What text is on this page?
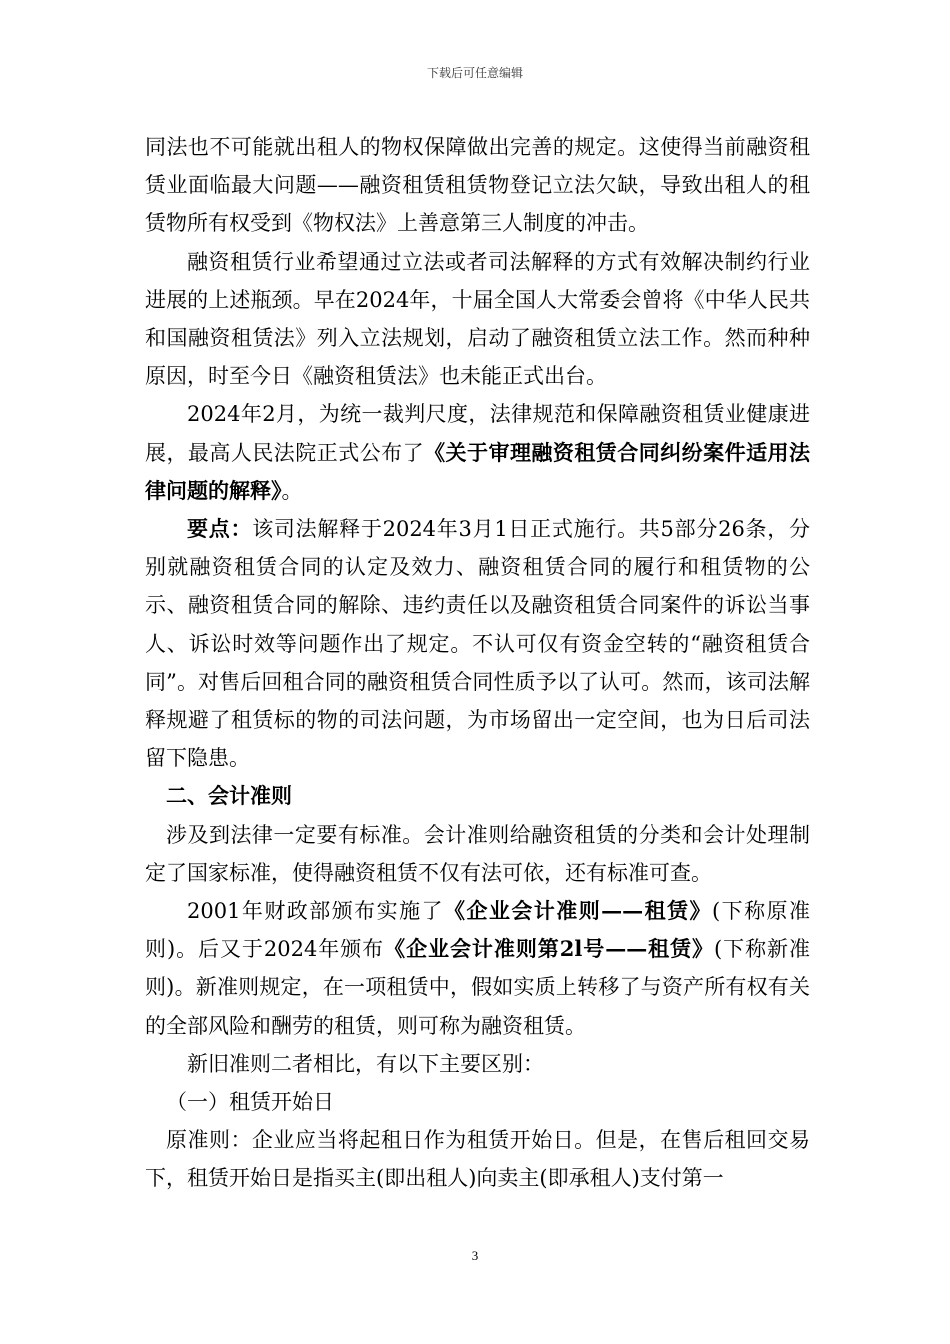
下载后可任意编辑

同法也不可能就出租人的物权保障做出完善的规定。这使得当前融资租赁业面临最大问题——融资租赁租赁物登记立法欠缺，导致出租人的租赁物所有权受到《物权法》上善意第三人制度的冲击。

融资租赁行业希望通过立法或者司法解释的方式有效解决制约行业进展的上述瓶颈。早在2024年，十届全国人大常委会曾将《中华人民共和国融资租赁法》列入立法规划，启动了融资租赁立法工作。然而种种原因，时至今日《融资租赁法》也未能正式出台。

2024年2月，为统一裁判尺度，法律规范和保障融资租赁业健康进展，最高人民法院正式公布了《关于审理融资租赁合同纠纷案件适用法律问题的解释》。

要点：该司法解释于2024年3月1日正式施行。共5部分26条，分别就融资租赁合同的认定及效力、融资租赁合同的履行和租赁物的公示、融资租赁合同的解除、违约责任以及融资租赁合同案件的诉讼当事人、诉讼时效等问题作出了规定。不认可仅有资金空转的“融资租赁合同”。对售后回租合同的融资租赁合同性质予以了认可。然而，该司法解释规避了租赁标的物的司法问题，为市场留出一定空间，也为日后司法留下隐患。

二、会计准则

涉及到法律一定要有标准。会计准则给融资租赁的分类和会计处理制定了国家标准，使得融资租赁不仅有法可依，还有标准可查。

2001年财政部颁布实施了《企业会计准则——租赁》(下称原准则)。后又于2024年颁布《企业会计准则第2l号——租赁》(下称新准则)。新准则规定，在一项租赁中，假如实质上转移了与资产所有权有关的全部风险和酬劳的租赁，则可称为融资租赁。

新旧准则二者相比，有以下主要区别：

（一）租赁开始日

原准则：企业应当将起租日作为租赁开始日。但是，在售后租回交易下，租赁开始日是指买主(即出租人)向卖主(即承租人)支付第一

3
